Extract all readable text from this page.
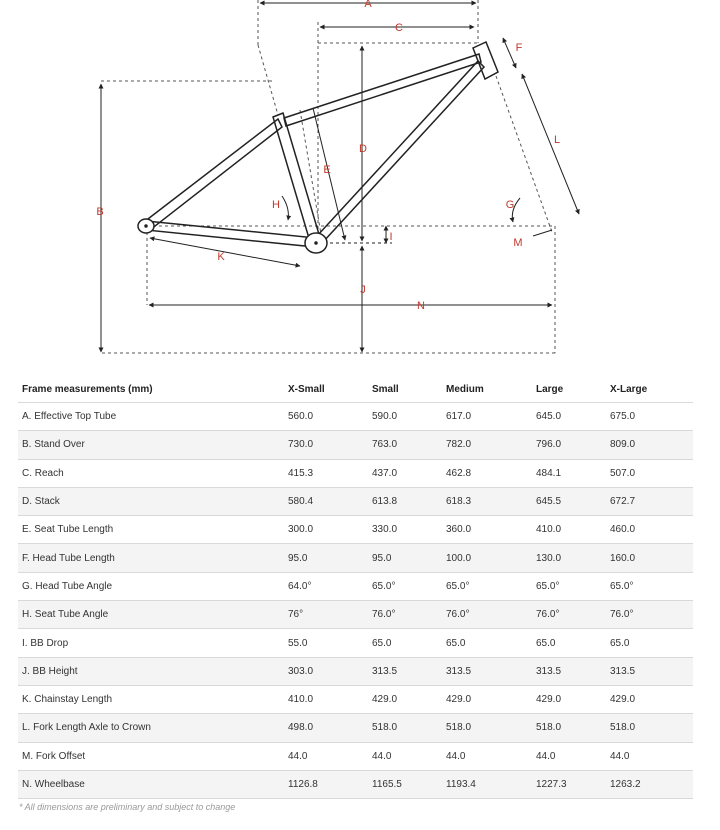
A
C
F
L
D
E
B
H	G
I	M
K
J
N
Frame measurements (mm)	X-Small	Small	Medium	Large	X-Large
A. Effective Top Tube	560.0	590.0	617.0	645.0	675.0
B. Stand Over	730.0	763.0	782.0	796.0	809.0
C. Reach	415.3	437.0	462.8	484.1	507.0
D. Stack	580.4	613.8	618.3	645.5	672.7
E. Seat Tube Length	300.0	330.0	360.0	410.0	460.0
F. Head Tube Length	95.0	95.0	100.0	130.0	160.0
G. Head Tube Angle	64.0°	65.0°	65.0°	65.0°	65.0°
H. Seat Tube Angle	76°	76.0°	76.0°	76.0°	76.0°
I. BB Drop	55.0	65.0	65.0	65.0	65.0
J. BB Height	303.0	313.5	313.5	313.5	313.5
K. Chainstay Length	410.0	429.0	429.0	429.0	429.0
L. Fork Length Axle to Crown	498.0	518.0	518.0	518.0	518.0
M. Fork Offset	44.0	44.0	44.0	44.0	44.0
N. Wheelbase	1126.8	1165.5	1193.4	1227.3	1263.2
* All dimensions are preliminary and subject to change
